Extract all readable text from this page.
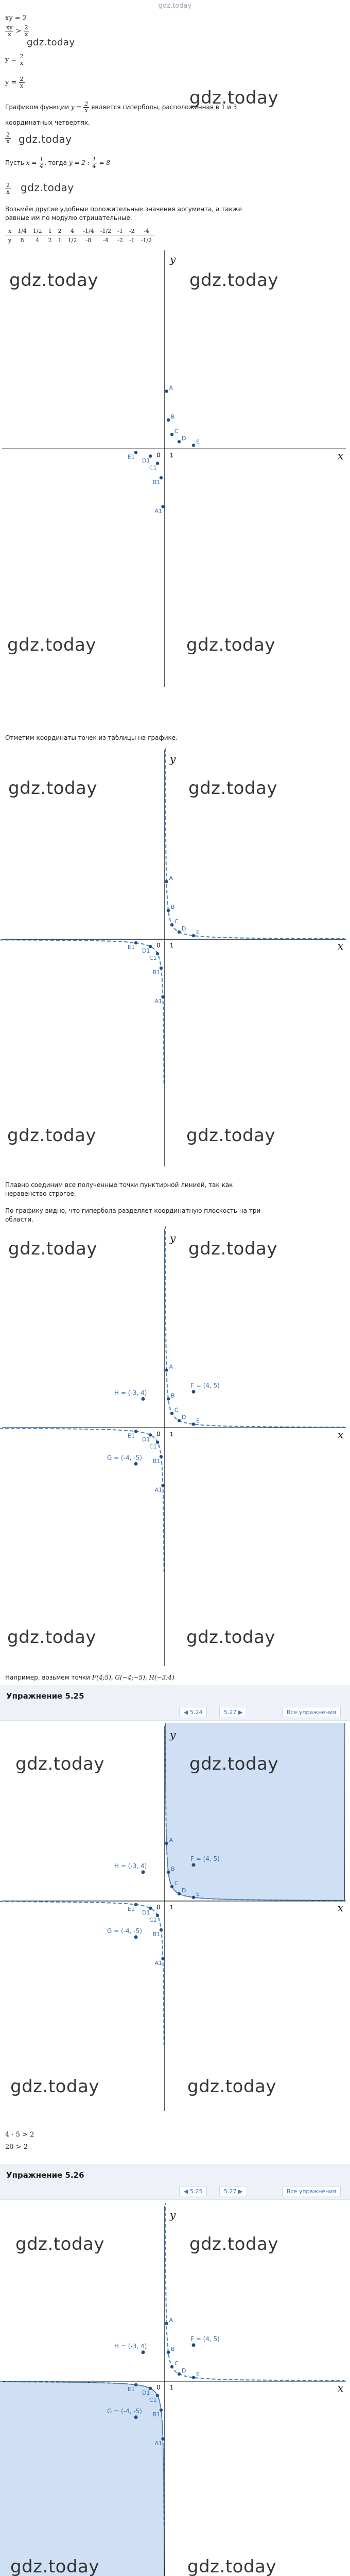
gdz.today
xy = 2
$\frac{xy}{x} > \frac{2}{x}$
gdz.today
$y = \frac{2}{x}$
$y = \frac{2}{x}$
Графиком функции $y = \frac{2}{x}$ является гиперболы, расположенная в 1 и 3
координатных четвертях.
gdz.today
$\frac{2}{x}$ gdz.today
Пусть $x = \frac{1}{4}$ , тогда y = 2 : $\frac{1}{4} = 8$
$\frac{2}{x}$ gdz.today
Возьмём другие удобные положительные значения аргумента, а также
равные им по модулю отрицательные.
x	1/4	1/2	1	2	4	-1/4	-1/2	-1	-2	-4
y	8	4	2	1	1/2	-8	-4	-2	-1	-1/2
x
y
0 1
A
B
C
D
E
E1
D1
C1
B1
A1
gdz.today	gdz.today
gdz.today	gdz.today
Отметим координаты точек из таблицы на графике.
x
y
0 1
A
B
C
D
E
E1
D1
C1
B1
A1
gdz.today	gdz.today
gdz.today	gdz.today
Плавно соединим все полученные точки пунктирной линией, так как
неравенство строгое.
По графику видно, что гипербола разделяет координатную плоскость на три
области.
x
y
0 1
A
B
C
D
E
E1
D1
C1
B1
A1
F = (4, 5)
G = (-4, -5)
H = (-3, 4)
gdz.today	gdz.today
gdz.today	gdz.today
Например, возьмем точки F(4;5), G(−4;−5), H(−3;4)
Упражнение 5.25
◀ 5.24	5.27 ▶	Все упражнения
x
y
0 1
A
B
C
D
E
E1
D1
C1
B1
A1
F = (4, 5)
G = (-4, -5)
H = (-3, 4)
gdz.today	gdz.today
gdz.today	gdz.today
4 · 5 > 2
20 > 2
Упражнение 5.26
◀ 5.25	5.27 ▶	Все упражнения
x
y
0 1
A
B
C
D
E
E1
D1
C1
B1
A1
F = (4, 5)
G = (-4, -5)
H = (-3, 4)
gdz.today	gdz.today
gdz.today	gdz.today
